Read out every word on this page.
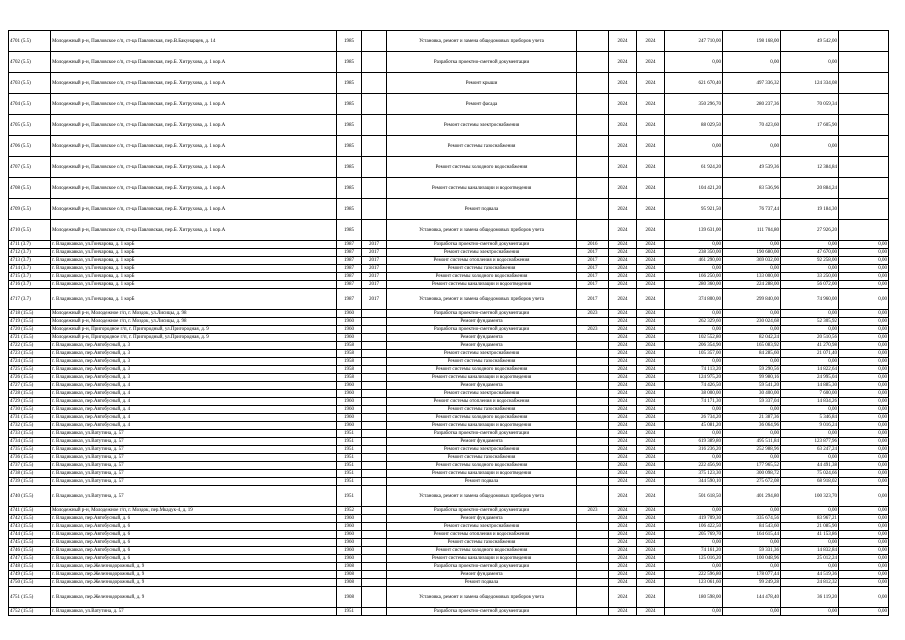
4701 (5.5)	Молодежный р-н, Павловское с/п, ст-ца Павловская, пер.В.Бакунарцев, д. 14	1985		Установка, ремонт и замена общедомовых приборов учета		2024	2024	247 710,00	198 168,00	49 542,00	
4702 (5.5)	Молодежный р-н, Павловское с/п, ст-ца Павловская, пер.Б. Хитрухова, д. 1 кор.А	1985		Разработка проектно-сметной документации		2024	2024	0,00	0,00	0,00	
4703 (5.5)	Молодежный р-н, Павловское с/п, ст-ца Павловская, пер.Б. Хитрухова, д. 1 кор.А	1985		Ремонт крыши		2024	2024	621 670,40	497 336,32	124 334,08	
4704 (5.5)	Молодежный р-н, Павловское с/п, ст-ца Павловская, пер.Б. Хитрухова, д. 1 кор.А	1985		Ремонт фасада		2024	2024	350 296,70	280 237,36	70 059,34	
4705 (5.5)	Молодежный р-н, Павловское с/п, ст-ца Павловская, пер.Б. Хитрухова, д. 1 кор.А	1985		Ремонт системы электроснабжения		2024	2024	88 029,50	70 423,60	17 605,90	
4706 (5.5)	Молодежный р-н, Павловское с/п, ст-ца Павловская, пер.Б. Хитрухова, д. 1 кор.А	1985		Ремонт системы газоснабжения		2024	2024	0,00	0,00	0,00	
4707 (5.5)	Молодежный р-н, Павловское с/п, ст-ца Павловская, пер.Б. Хитрухова, д. 1 кор.А	1985		Ремонт системы холодного водоснабжения		2024	2024	61 924,20	49 539,36	12 384,84	
4708 (5.5)	Молодежный р-н, Павловское с/п, ст-ца Павловская, пер.Б. Хитрухова, д. 1 кор.А	1985		Ремонт системы канализации и водоотведения		2024	2024	104 421,20	83 536,96	20 884,24	
4709 (5.5)	Молодежный р-н, Павловское с/п, ст-ца Павловская, пер.Б. Хитрухова, д. 1 кор.А	1985		Ремонт подвала		2024	2024	95 921,50	76 737,44	19 184,30	
4710 (5.5)	Молодежный р-н, Павловское с/п, ст-ца Павловская, пер.Б. Хитрухова, д. 1 кор.А	1985		Установка, ремонт и замена общедомовых приборов учета		2024	2024	139 631,00	111 704,80	27 926,20	
4711 (3.7)	г. Владикавказ, ул.Гончарова, д. 1 корБ	1987	2017	Разработка проектно-сметной документации	2016	2024	2024	0,00	0,00	0,00	0,00
4712 (3.7)	г. Владикавказ, ул.Гончарова, д. 1 корБ	1987	2017	Ремонт системы электроснабжения	2017	2024	2024	238 350,00	190 680,00	47 670,00	0,00
4713 (3.7)	г. Владикавказ, ул.Гончарова, д. 1 корБ	1987	2017	Ремонт системы отопления и водоснабжения	2017	2024	2024	461 290,00	369 032,00	92 258,00	0,00
4714 (3.7)	г. Владикавказ, ул.Гончарова, д. 1 корБ	1987	2017	Ремонт системы газоснабжения	2017	2024	2024	0,00	0,00	0,00	0,00
4715 (3.7)	г. Владикавказ, ул.Гончарова, д. 1 корБ	1987	2017	Ремонт системы холодного водоснабжения	2017	2024	2024	166 250,00	133 000,00	33 250,00	0,00
4716 (3.7)	г. Владикавказ, ул.Гончарова, д. 1 корБ	1987	2017	Ремонт системы канализации и водоотведения	2017	2024	2024	280 360,00	224 288,00	56 072,00	0,00
4717 (3.7)	г. Владикавказ, ул.Гончарова, д. 1 корБ	1987	2017	Установка, ремонт и замена общедомовых приборов учета	2017	2024	2024	374 800,00	299 840,00	74 960,00	0,00
4718 (15.5)	Молодежный р-н, Молодежное г/п, г. Моздок, ул.Лисицы, д. 98	1960		Разработка проектно-сметной документации	2023	2024	2024	0,00	0,00	0,00	0,00
4719 (15.5)	Молодежный р-н, Молодежное г/п, г. Моздок, ул.Лисицы, д. 98	1960		Ремонт фундамента		2024	2024	262 329,60	230 024,68	52 305,92	0,00
4720 (15.5)	Молодежный р-н, Пригородное г/п, г. Пригородный, ул.Пригородная, д. 9	1960		Разработка проектно-сметной документации	2023	2024	2024	0,00	0,00	0,00	0,00
4721 (15.5)	Молодежный р-н, Пригородное г/п, г. Пригородный, ул.Пригородная, д. 9	1960		Ремонт фундамента		2024	2024	102 552,80	82 042,24	20 510,56	0,00
4722 (15.5)	г. Владикавказ, пер.Автобусный, д. 3	1958		Ремонт фундамента		2024	2024	206 354,90	165 083,92	41 270,98	0,00
4723 (15.5)	г. Владикавказ, пер.Автобусный, д. 3	1958		Ремонт системы электроснабжения		2024	2024	105 357,00	84 285,60	21 071,40	0,00
4724 (15.5)	г. Владикавказ, пер.Автобусный, д. 3	1958		Ремонт системы газоснабжения		2024	2024	0,00	0,00	0,00	0,00
4725 (15.5)	г. Владикавказ, пер.Автобусный, д. 3	1958		Ремонт системы холодного водоснабжения		2024	2024	74 113,20	59 290,56	14 822,64	0,00
4726 (15.5)	г. Владикавказ, пер.Автобусный, д. 3	1958		Ремонт системы канализации и водоотведения		2024	2024	124 975,20	99 980,16	24 995,04	0,00
4727 (15.5)	г. Владикавказ, пер.Автобусный, д. 4	1960		Ремонт фундамента		2024	2024	74 426,50	59 541,20	14 885,30	0,00
4728 (15.5)	г. Владикавказ, пер.Автобусный, д. 4	1960		Ремонт системы электроснабжения		2024	2024	38 000,00	30 400,00	7 600,00	0,00
4729 (15.5)	г. Владикавказ, пер.Автобусный, д. 4	1960		Ремонт системы отопления и водоснабжения		2024	2024	74 171,30	59 337,04	14 834,26	0,00
4730 (15.5)	г. Владикавказ, пер.Автобусный, д. 4	1960		Ремонт системы газоснабжения		2024	2024	0,00	0,00	0,00	0,00
4731 (15.5)	г. Владикавказ, пер.Автобусный, д. 4	1960		Ремонт системы холодного водоснабжения		2024	2024	26 734,20	21 387,36	5 346,84	0,00
4732 (15.5)	г. Владикавказ, пер.Автобусный, д. 4	1960		Ремонт системы канализации и водоотведения		2024	2024	45 081,20	36 064,96	9 016,24	0,00
4733 (15.5)	г. Владикавказ, ул.Ватутина, д. 57	1951		Разработка проектно-сметной документации		2024	2024	0,00	0,00	0,00	0,00
4734 (15.5)	г. Владикавказ, ул.Ватутина, д. 57	1951		Ремонт фундамента		2024	2024	619 389,80	495 511,84	123 877,96	0,00
4735 (15.5)	г. Владикавказ, ул.Ватутина, д. 57	1951		Ремонт системы электроснабжения		2024	2024	316 236,20	252 988,96	63 247,24	0,00
4736 (15.5)	г. Владикавказ, ул.Ватутина, д. 57	1951		Ремонт системы газоснабжения		2024	2024	0,00	0,00	0,00	0,00
4737 (15.5)	г. Владикавказ, ул.Ватутина, д. 57	1951		Ремонт системы холодного водоснабжения		2024	2024	222 456,90	177 965,52	44 491,38	0,00
4738 (15.5)	г. Владикавказ, ул.Ватутина, д. 57	1951		Ремонт системы канализации и водоотведения		2024	2024	375 123,30	300 098,72	75 024,66	0,00
4739 (15.5)	г. Владикавказ, ул.Ватутина, д. 57	1951		Ремонт подвала		2024	2024	344 590,10	275 672,08	68 918,02	0,00
4740 (15.5)	г. Владикавказ, ул.Ватутина, д. 57	1951		Установка, ремонт и замена общедомовых приборов учета		2024	2024	501 618,50	401 294,80	100 323,70	0,00
4741 (15.5)	Молодежный р-н, Молодежное г/п, г. Моздок, пер.Мкадук-4, д. 19	1952		Разработка проектно-сметной документации	2023	2024	2024	0,00	0,00	0,00	0,00
4742 (15.5)	г. Владикавказ, пер.Автобусный, д. 6	1960		Ремонт фундамента		2024	2024	419 709,30	335 674,56	83 967,21	0,00
4743 (15.5)	г. Владикавказ, пер.Автобусный, д. 6	1960		Ремонт системы электроснабжения		2024	2024	106 422,50	84 543,60	21 085,90	0,00
4744 (15.5)	г. Владикавказ, пер.Автобусный, д. 6	1960		Ремонт системы отопления и водоснабжения		2024	2024	205 769,70	164 615,44	41 153,86	0,00
4745 (15.5)	г. Владикавказ, пер.Автобусный, д. 6	1960		Ремонт системы газоснабжения		2024	2024	0,00	0,00	0,00	0,00
4746 (15.5)	г. Владикавказ, пер.Автобусный, д. 6	1960		Ремонт системы холодного водоснабжения		2024	2024	74 161,20	59 331,36	14 832,84	0,00
4747 (15.5)	г. Владикавказ, пер.Автобусный, д. 6	1960		Ремонт системы канализации и водоотведения		2024	2024	125 016,20	100 048,96	25 012,24	0,00
4748 (15.5)	г. Владикавказ, пер.Железнодорожный, д. 9	1908		Разработка проектно-сметной документации		2024	2024	0,00	0,00	0,00	0,00
4749 (15.5)	г. Владикавказ, пер.Железнодорожный, д. 9	1908		Ремонт фундамента		2024	2024	222 596,80	178 077,44	44 519,36	0,00
4750 (15.5)	г. Владикавказ, пер.Железнодорожный, д. 9	1908		Ремонт подвала		2024	2024	123 061,60	99 249,28	24 812,32	0,00
4751 (15.5)	г. Владикавказ, пер.Железнодорожный, д. 9	1908		Установка, ремонт и замена общедомовых приборов учета		2024	2024	180 598,00	144 478,40	36 119,20	0,00
4752 (15.5)	г. Владикавказ, ул.Ватутина, д. 57	1951		Разработка проектно-сметной документации		2024	2024	0,00	0,00	0,00	0,00
